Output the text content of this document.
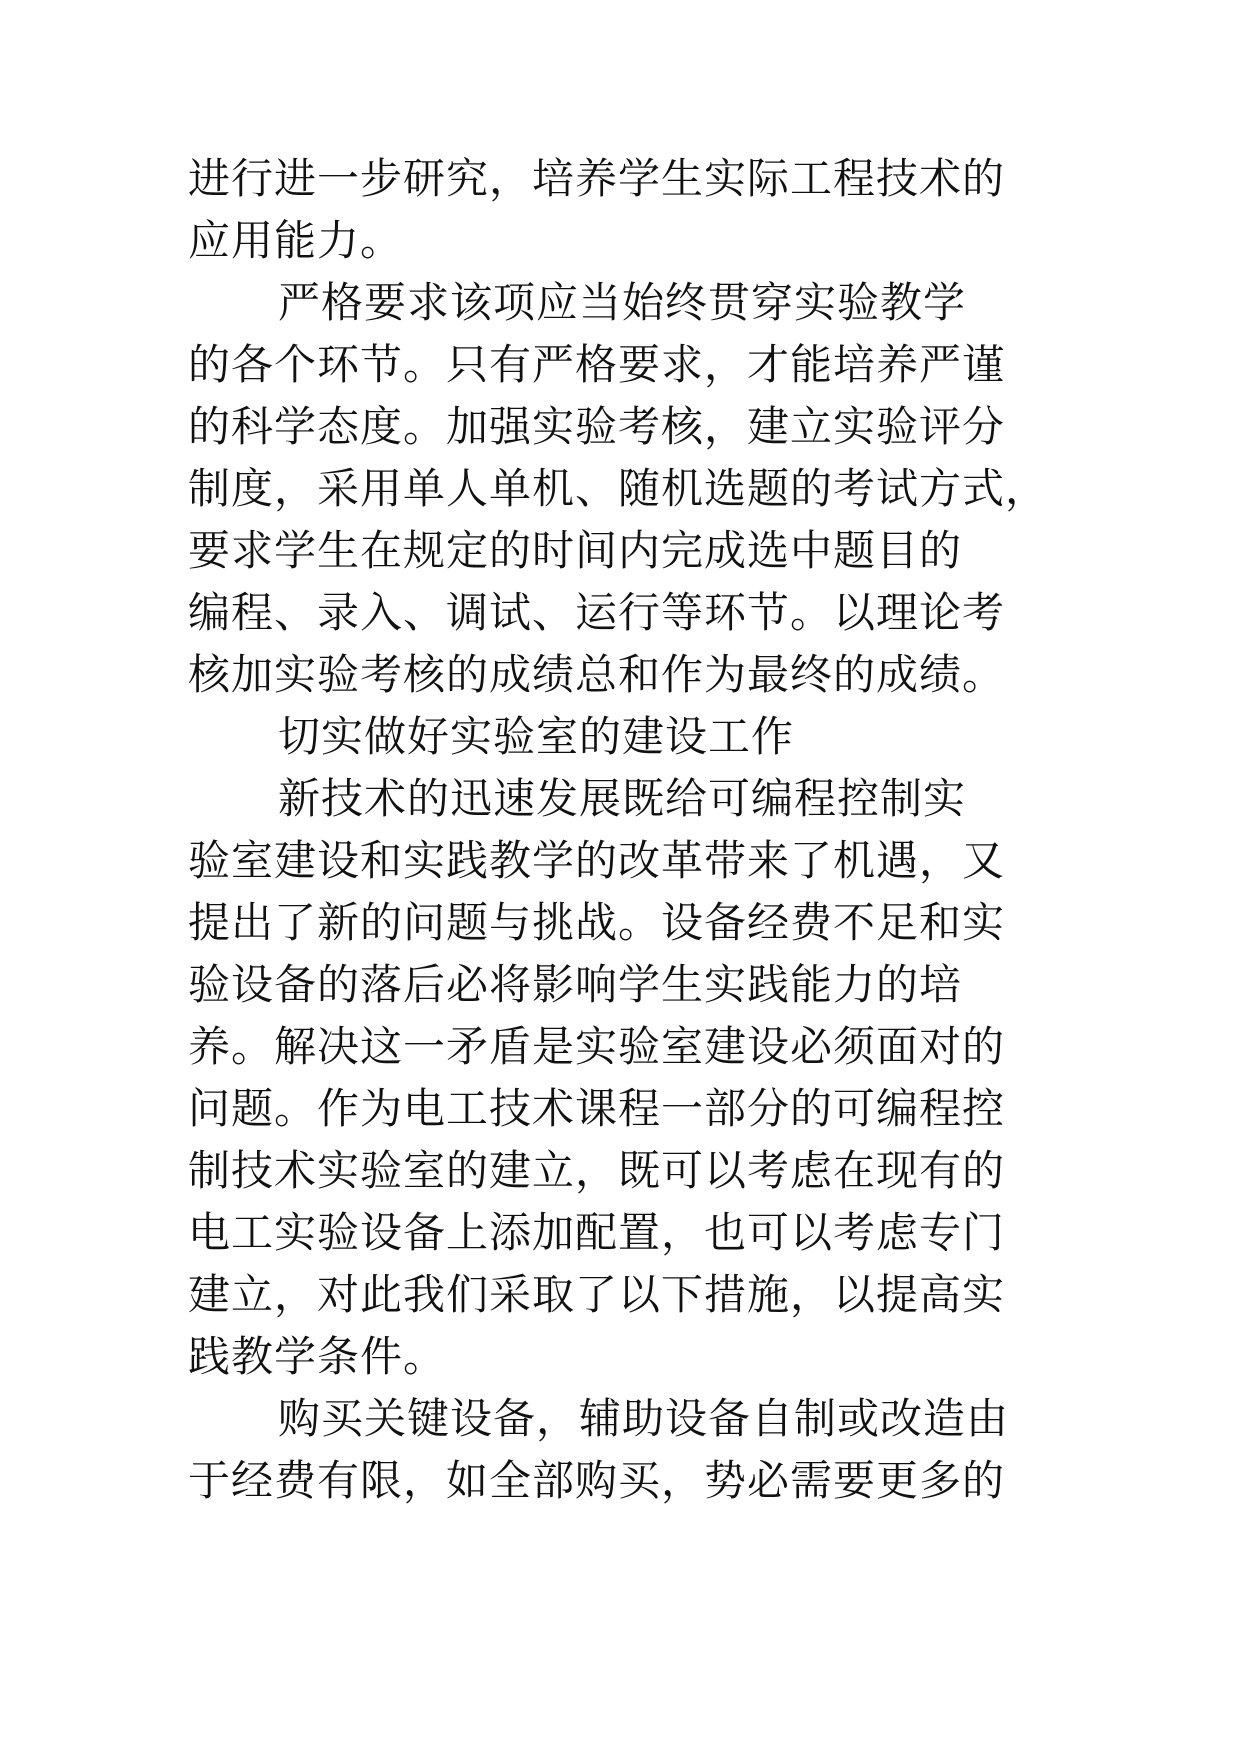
进行进一步研究，培养学生实际工程技术的
应用能力。
严格要求该项应当始终贯穿实验教学
的各个环节。只有严格要求，才能培养严谨
的科学态度。加强实验考核，建立实验评分
制度，采用单人单机、随机选题的考试方式，
要求学生在规定的时间内完成选中题目的
编程、录入、调试、运行等环节。以理论考
核加实验考核的成绩总和作为最终的成绩。
切实做好实验室的建设工作
新技术的迅速发展既给可编程控制实
验室建设和实践教学的改革带来了机遇，又
提出了新的问题与挑战。设备经费不足和实
验设备的落后必将影响学生实践能力的培
养。解决这一矛盾是实验室建设必须面对的
问题。作为电工技术课程一部分的可编程控
制技术实验室的建立，既可以考虑在现有的
电工实验设备上添加配置，也可以考虑专门
建立，对此我们采取了以下措施，以提高实
践教学条件。
购买关键设备，辅助设备自制或改造由
于经费有限，如全部购买，势必需要更多的
